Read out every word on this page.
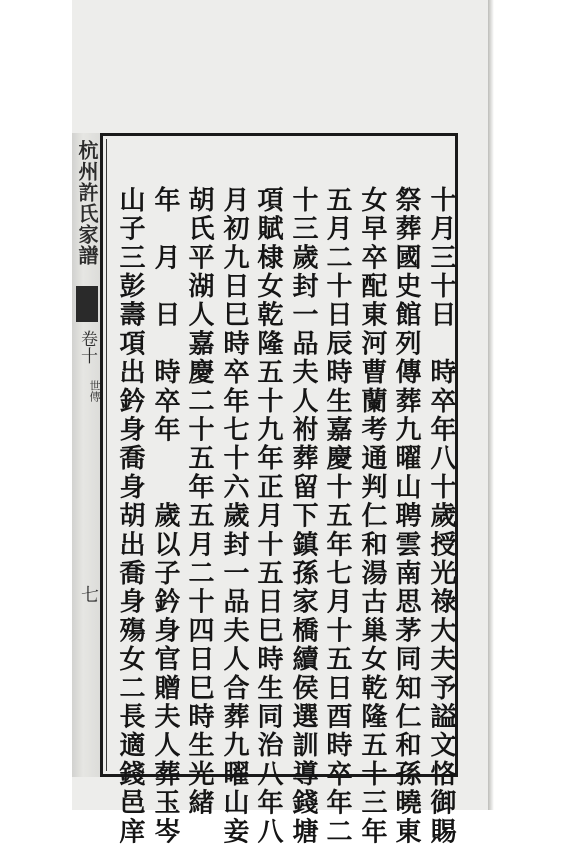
杭州許氏家譜
卷十
世傳
七	十月三十日　時卒年八十歲授光祿大夫予謚文恪御賜
祭葬國史館列傳葬九曜山聘雲南思茅同知仁和孫曉東
女早卒配東河曹蘭考通判仁和湯古巢女乾隆五十三年
五月二十日辰時生嘉慶十五年七月十五日酉時卒年二
十三歲封一品夫人祔葬留下鎮孫家橋續侯選訓導錢塘
項賦棣女乾隆五十九年正月十五日巳時生同治八年八
月初九日巳時卒年七十六歲封一品夫人合葬九曜山妾
胡氏平湖人嘉慶二十五年五月二十四日巳時生光緒
年　月　日　時卒年　　歲以子鈐身官贈夫人葬玉岑
山子三彭壽項出鈐身喬身胡出喬身殤女二長適錢邑庠
